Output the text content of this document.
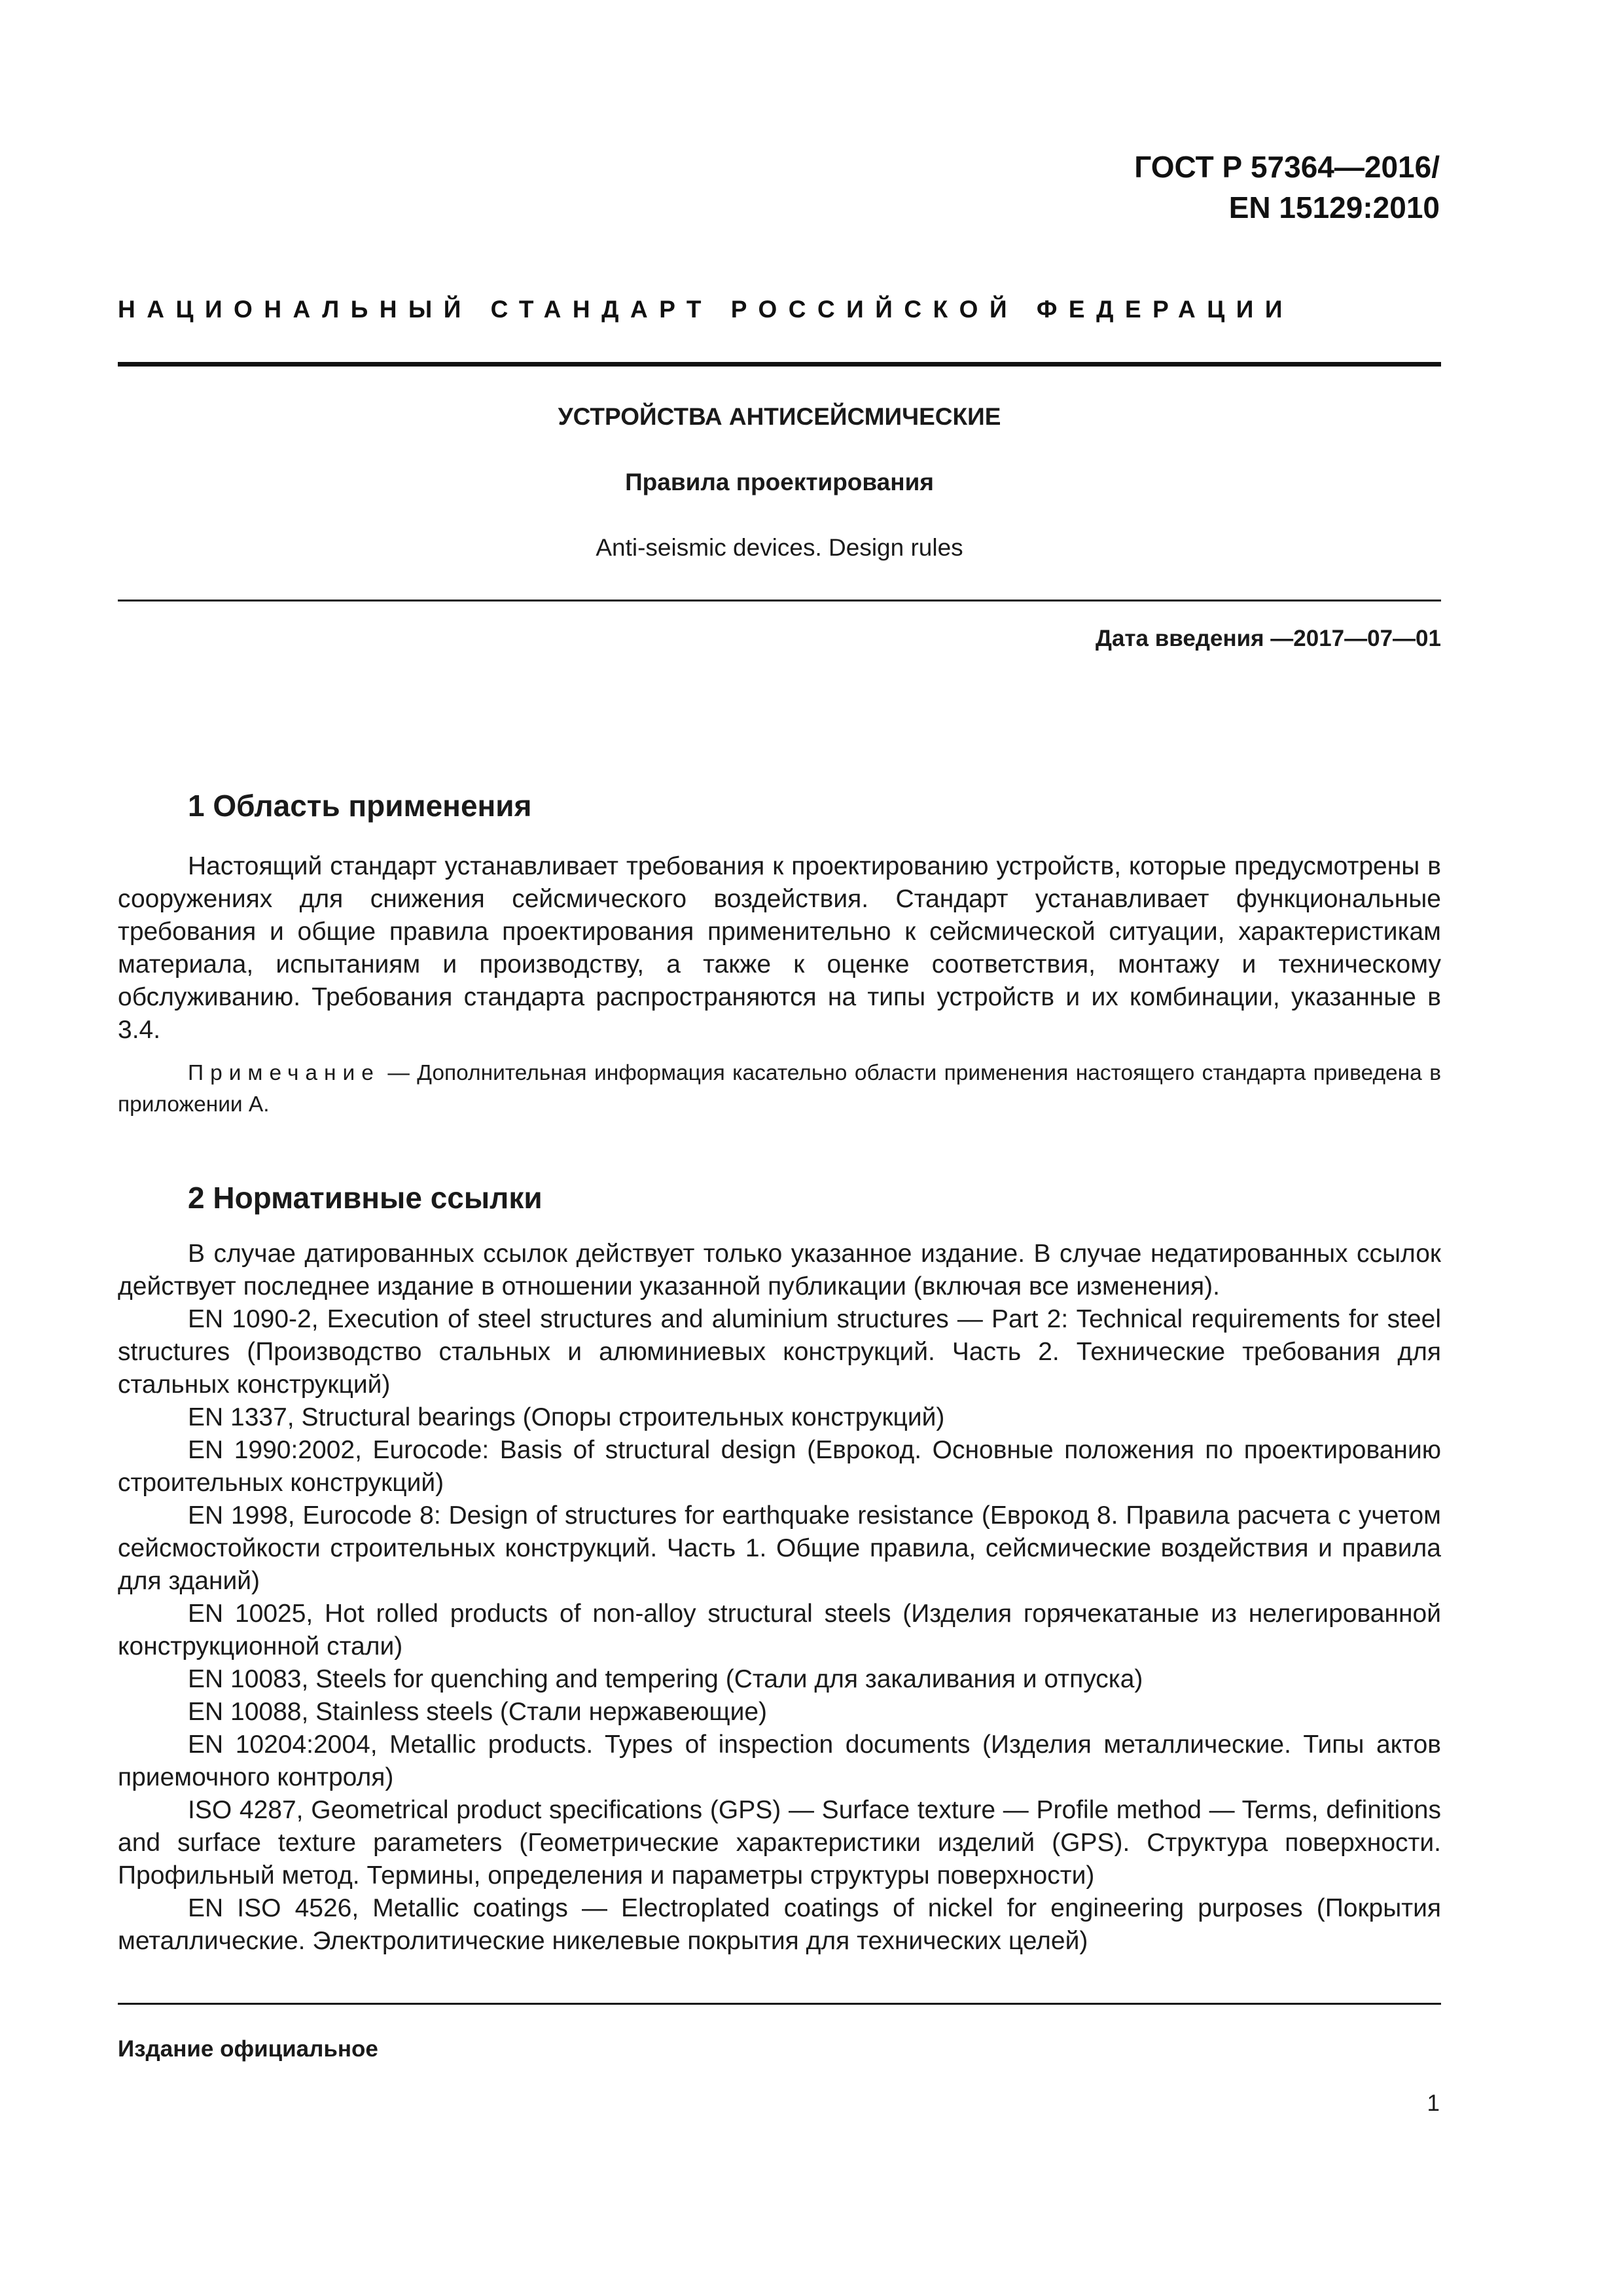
ГОСТ Р 57364—2016/
EN 15129:2010
НАЦИОНАЛЬНЫЙ СТАНДАРТ РОССИЙСКОЙ ФЕДЕРАЦИИ
УСТРОЙСТВА АНТИСЕЙСМИЧЕСКИЕ
Правила проектирования
Anti-seismic devices. Design rules
Дата введения —2017—07—01
1 Область применения

Настоящий стандарт устанавливает требования к проектированию устройств, которые предусмотрены в сооружениях для снижения сейсмического воздействия. Стандарт устанавливает функциональные требования и общие правила проектирования применительно к сейсмической ситуации, характеристикам материала, испытаниям и производству, а также к оценке соответствия, монтажу и техническому обслуживанию. Требования стандарта распространяются на типы устройств и их комбинации, указанные в 3.4.

Примечание — Дополнительная информация касательно области применения настоящего стандарта приведена в приложении А.

2 Нормативные ссылки

В случае датированных ссылок действует только указанное издание. В случае недатированных ссылок действует последнее издание в отношении указанной публикации (включая все изменения).

EN 1090-2, Execution of steel structures and aluminium structures — Part 2: Technical requirements for steel structures (Производство стальных и алюминиевых конструкций. Часть 2. Технические требования для стальных конструкций)

EN 1337, Structural bearings (Опоры строительных конструкций)

EN 1990:2002, Eurocode: Basis of structural design (Еврокод. Основные положения по проектированию строительных конструкций)

EN 1998, Eurocode 8: Design of structures for earthquake resistance (Еврокод 8. Правила расчета с учетом сейсмостойкости строительных конструкций. Часть 1. Общие правила, сейсмические воздействия и правила для зданий)

EN 10025, Hot rolled products of non-alloy structural steels (Изделия горячекатаные из нелегированной конструкционной стали)

EN 10083, Steels for quenching and tempering (Стали для закаливания и отпуска)

EN 10088, Stainless steels (Стали нержавеющие)

EN 10204:2004, Metallic products. Types of inspection documents (Изделия металлические. Типы актов приемочного контроля)

ISO 4287, Geometrical product specifications (GPS) — Surface texture — Profile method — Terms, definitions and surface texture parameters (Геометрические характеристики изделий (GPS). Структура поверхности. Профильный метод. Термины, определения и параметры структуры поверхности)

EN ISO 4526, Metallic coatings — Electroplated coatings of nickel for engineering purposes (Покрытия металлические. Электролитические никелевые покрытия для технических целей)

Издание официальное
1
